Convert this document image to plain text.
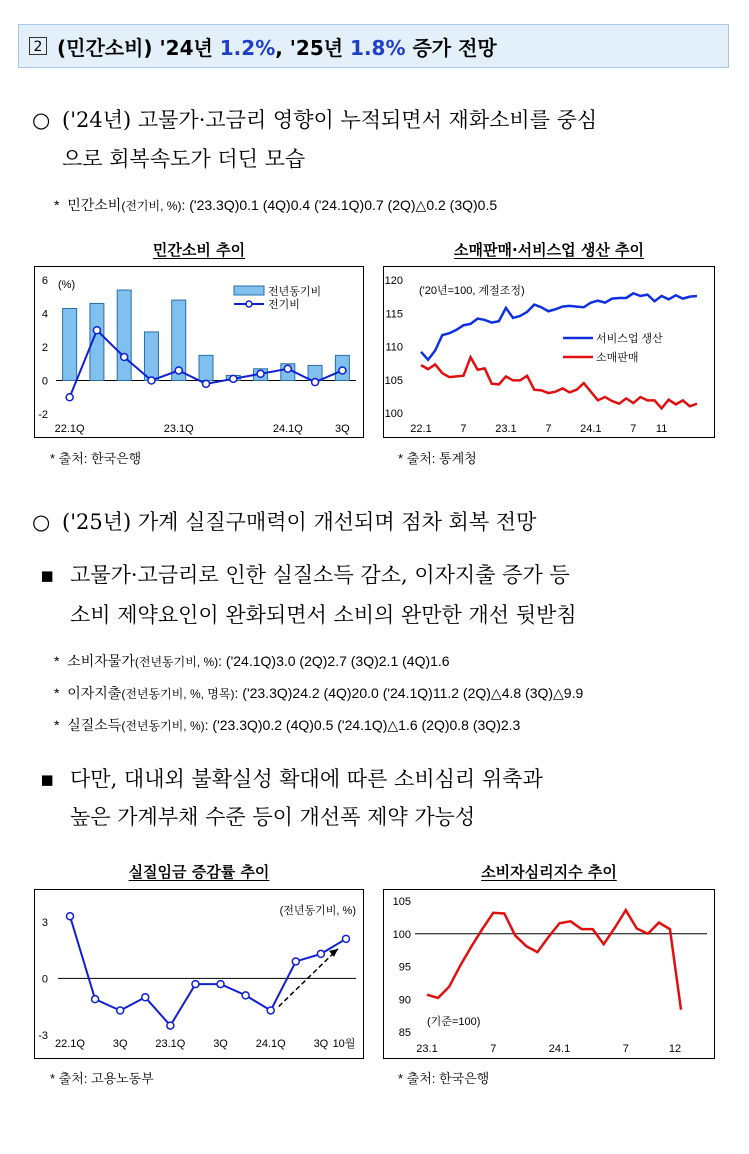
2 (민간소비) '24년 1.2%, '25년 1.8% 증가 전망
○ ('24년) 고물가·고금리 영향이 누적되면서 재화소비를 중심
으로 회복속도가 더딘 모습
* 민간소비(전기비, %): ('23.3Q)0.1 (4Q)0.4 ('24.1Q)0.7 (2Q)△0.2 (3Q)0.5
민간소비 추이
6
4
2
0
-2
22.1Q	23.1Q	24.1Q	3Q
(%)
전년동기비
전기비
* 출처: 한국은행
소매판매·서비스업 생산 추이
120
115
110
105
100
22.1	7	23.1	7	24.1	7 11
('20년=100, 계절조정)
서비스업 생산
소매판매
* 출처: 통계청
○ ('25년) 가계 실질구매력이 개선되며 점차 회복 전망
▪ 고물가·고금리로 인한 실질소득 감소, 이자지출 증가 등
소비 제약요인이 완화되면서 소비의 완만한 개선 뒷받침
* 소비자물가(전년동기비, %): ('24.1Q)3.0 (2Q)2.7 (3Q)2.1 (4Q)1.6
* 이자지출(전년동기비, %, 명목): ('23.3Q)24.2 (4Q)20.0 ('24.1Q)11.2 (2Q)△4.8 (3Q)△9.9
* 실질소득(전년동기비, %): ('23.3Q)0.2 (4Q)0.5 ('24.1Q)△1.6 (2Q)0.8 (3Q)2.3
▪ 다만, 대내외 불확실성 확대에 따른 소비심리 위축과
높은 가계부채 수준 등이 개선폭 제약 가능성
실질임금 증감률 추이
3
0
-3
22.1Q	3Q	23.1Q	3Q	24.1Q	3Q 10월
(전년동기비, %)
* 출처: 고용노동부
소비자심리지수 추이
105
100
95
90
85
23.1	7	24.1	7	12
(기준=100)
* 출처: 한국은행
